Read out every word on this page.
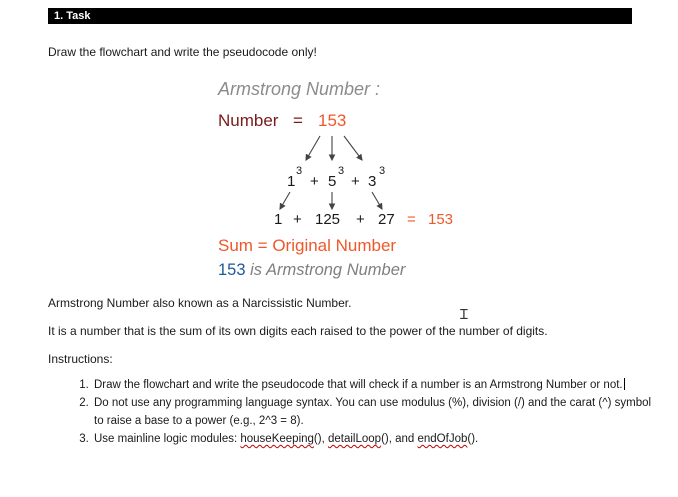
1. Task
Draw the flowchart and write the pseudocode only!
Armstrong Number :
Number = 153
1
3
+ 5
3
+ 3
3
1 + 125 + 27 = 153
Sum = Original Number
153 is Armstrong Number
Armstrong Number also known as a Narcissistic Number.
Ɪ
It is a number that is the sum of its own digits each raised to the power of the number of digits.
Instructions:
1. Draw the flowchart and write the pseudocode that will check if a number is an Armstrong Number or not.
2. Do not use any programming language syntax. You can use modulus (%), division (/) and the carat (^) symbol to raise a base to a power (e.g., 2^3 = 8).
3. Use mainline logic modules: houseKeeping(), detailLoop(), and endOfJob().
